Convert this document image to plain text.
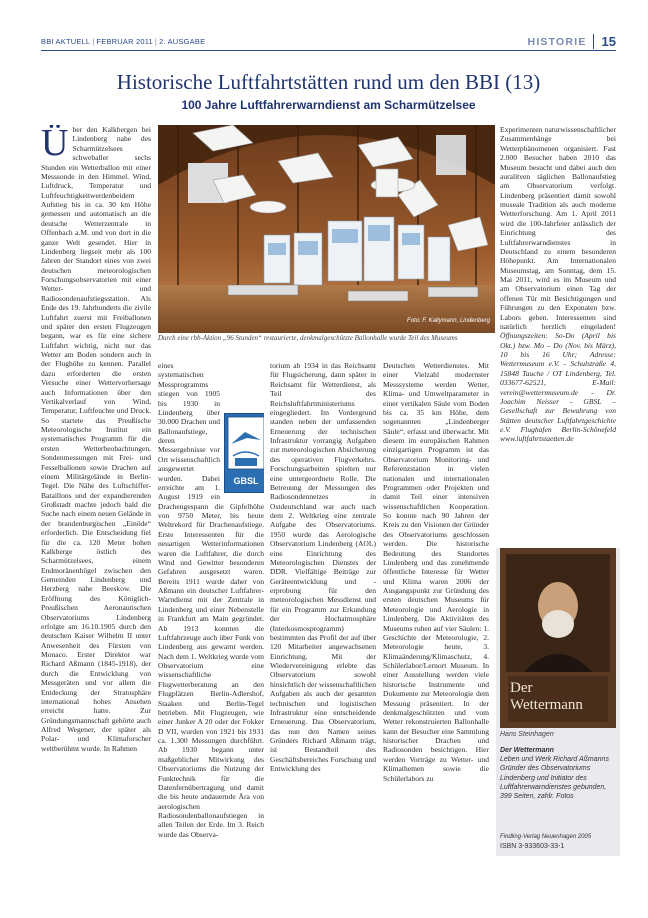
BBI AKTUELL | FEBRUAR 2011 | 2. AUSGABE	HISTORIE 15
Historische Luftfahrtstätten rund um den BBI (13)
100 Jahre Luftfahrerwarndienst am Scharmützelsee
Über den Kalkbergen bei Lindenberg nahe des Scharmützelsees schweballer sechs Stunden ein Wetterballon mit einer Messsonde in den Himmel. Wind, Luftdruck, Temperatur und Luftfeuchtigkeitwerdenbeidem Aufstieg bis in ca. 30 km Höhe gemessen und automatisch an die deutsche Wetterzentrale in Offenbach a.M. und von dort in die ganze Welt gesendet. Hier in Lindenberg liegseit mehr als 100 Jahren der Standort eines von zwei deutschen meteorologischen Forschungsobservatorien mit einer Wetter- und Radiosondenaufstiegsstation. Als Ende des 19. Jahrhunderts die zivile Luftfahrt zuerst mit Freiballonen und später den ersten Flugzeugen begann, war es für eine sichere Luftfahrt wichtig, nicht nur das Wetter am Boden sondern auch in der Flughöhe zu kennen. Parallel dazu erforderten die ersten Versuche einer Wettervorhersage auch Informationen über den Vertikalverlauf von Wind, Temperatur, Luftfeuchte und Druck. So startete das Preußische Meteorologische Institut ein systematisches Programm für die ersten Wetterbeobachtungen, Sondenmessungen mit Frei- und Fesselballonen sowie Drachen auf einem Militärgelände in Berlin-Tegel. Die Nähe des Luftschiffer-Bataillons und der expandierenden Großstadt machte jedoch bald die Suche nach einem neuen Gelände in der brandenburgischen „Einöde“ erforderlich. Die Entscheidung fiel für die ca. 120 Meter hohen Kalkberge östlich des Scharmützelsees, einem Endmoränenhügel zwischen den Gemeinden Lindenberg und Herzberg nahe Beeskow. Die Eröffnung des Königlich-Preußischen Aeronautischen Observatoriums Lindenberg erfolgte am 16.10.1905 durch den deutschen Kaiser Wilhelm II unter Anwesenheit des Fürsten von Monaco. Erster Direktor war Richard Aßmann (1845-1918), der durch die Entwicklung von Messgeräten und vor allem die Entdeckung der Stratosphäre international hohes Ansehen erreicht hatte. Zur Gründungsmannschaft gehörte auch Alfred Wegener, der später als Polar- und Klimaforscher weltberühmt wurde. In Rahmen
Foto: F. Kallymann, Lindenberg
Durch eine rbb-Aktion „96 Stunden“ restaurierte, denkmalgeschützte Ballonhalle wurde Teil des Museums
GBSL
eines systematischen Messprogramms stiegen von 1905 bis 1930 in Lindenberg über 30.000 Drachen und Ballonaufstiege, deren Messergebnisse vor Ort wissenschaftlich ausgewertet wurden. Dabei erreichte am 1. August 1919 ein Drachengespann die Gipfelhöhe von 9750 Meter, bis heute Weltrekord für Drachenaufstiege. Erste Interessenten für die neuartigen Wetterinformationen waren die Luftfahrer, die durch Wind und Gewitter besonderen Gefahren ausgesetzt waren. Bereits 1911 wurde daher von Aßmann ein deutscher Luftfahrer-Warndienst mit der Zentrale in Lindenberg und einer Nebenstelle in Frankfurt am Main gegründet. Ab 1913 konnten die Luftfahrzeuge auch über Funk von Lindenberg aus gewarnt werden. Nach dem 1. Weltkrieg wurde vom Observatorium eine wissenschaftliche Flugwetterberatung an den Flugplätzen Berlin-Adlershof, Staaken und Berlin-Tegel betrieben. Mit Flugzeugen, wie einer Junker A 20 oder der Fokker D VII, wurden von 1921 bis 1931 ca. 1.300 Messungen durchführt. Ab 1930 begann unter maßgeblicher Mitwirkung des Observatoriums die Nutzung der Funktechnik für die Datenfernübertragung und damit die bis heute andauernde Ära von aerologischen Radiosondenballonaufstiegen in allen Teilen der Erde. Im 3. Reich wurde das Observa-
torium ab 1934 in das Reichsamt für Flugsicherung, dann später in Reichsamt für Wetterdienst, als Teil des Reichsluftfahrtministeriums eingegliedert. Im Vordergrund standen neben der umfassenden Erneuerung der technischen Infrastruktur vorrangig Aufgaben zur meteorologischen Absicherung des operativen Flugverkehrs. Forschungsarbeiten spielten nur eine untergeordnete Rolle. Die Betreuung der Messungen des Radiosondennetzes in Ostdeutschland war auch nach dem 2. Weltkrieg eine zentrale Aufgabe des Observatoriums. 1950 wurde das Aerologische Observatorium Lindenberg (AOL) eine Einrichtung des Meteorologischen Dienstes der DDR. Vielfältige Beiträge zur Geräteentwicklung und -erprobung für den meteorologischen Messdienst und für ein Programm zur Erkundung der Hochatmosphäre (Interkosmosprogramm) bestimmten das Profil der auf über 120 Mitarbeiter angewachsenen Einrichtung. Mit der Wiedervereinigung erlebte das Observatorium sowohl hinsichtlich der wissenschaftlichen Aufgaben als auch der gesamten technischen und logistischen Infrastruktur eine entscheidende Erneuerung. Das Observatorium, das nun den Namen seines Gründers Richard Aßmann trägt, ist Bestandteil des Geschäftsbereiches Forschung und Entwicklung des
Deutschen Wetterdienstes. Mit einer Vielzahl modernster Messsysteme werden Wetter, Klima- und Umweltparameter in einer vertikalen Säule vom Boden bis ca. 35 km Höhe, dem sogenannten „Lindenberger Säule“, erfasst und überwacht. Mit diesem im europäischen Rahmen einzigartigen Programm ist das Observatorium Monitoring- und Referenzstation in vielen nationalen und internationalen Programmen oder Projekten und damit Teil einer intensiven wissenschaftlichen Kooperation. So konnte nach 90 Jahren der Kreis zu den Visionen der Gründer des Observatoriums geschlossen werden. Die historische Bedeutung des Standortes Lindenberg und das zunehmende öffentliche Interesse für Wetter und Klima waren 2006 der Ausgangspunkt zur Gründung des ersten deutschen Museums für Meteorologie und Aerologie in Lindenberg. Die Aktivitäten des Museums ruhen auf vier Säulen: 1. Geschichte der Meteorologie, 2. Meteorologie heute, 3. Klimaänderung/Klimaschutz, 4. Schülerlabor/Lernort Museum. In einer Ausstellung werden viele historische Instrumente und Dokumente zur Meteorologie dem Messung präsentiert. In der denkmalgeschützten und vom Wetter rekonstruierten Ballonhalle kann der Besucher eine Sammlung historischer Drachen und Radiosonden besichtigen. Hier werden Vorträge zu Wetter- und Klimathemen sowie die Schülerlabors zu
Experimenten naturwissenschaftlicher Zusammenhänge bei Wetterphänomenen organisiert. Fast 2.000 Besucher haben 2010 das Museum besucht und dabei auch den auralitven täglichen Ballonaufstieg am Observatorium verfolgt. Lindenberg präsentiert damit sowohl museale Tradition als auch moderne Wetterforschung. Am 1. April 2011 wird die 100-Jahrfeier anlässlich der Einrichtung des Luftfahrerwarndienstes in Deutschland zu einem besonderen Höhepunkt. Am Internationalen Museumstag, am Sonntag, dem 15. Mai 2011, wird es im Museum und am Observatorium einen Tag der offenen Tür mit Besichtigungen und Führungen zu den Exponaten bzw. Labors geben. Interessenten sind natürlich herzlich eingeladen! Öffnungszeiten: So-Do (April bis Okt.) bzw. Mo – Do (Nov. bis März), 10 bis 16 Uhr; Adresse: Wettermuseum e.V. - Schulstraße 4, 15848 Tauche / OT Lindenberg, Tel. 033677-62521, E-Mail: verein@wettermuseum.de - Dr. Joachim Neisser - GBSL – Gesellschaft zur Bewahrung von Stätten deutscher Luftfahrtgeschichte e.V. Flughafen Berlin-Schönefeld www.luftfahrtstaetten.de
Der Wettermann
Hans Steinhagen
Der Wettermann
Leben und Werk Richard Aßmanns Gründer des Observatoriums Lindenberg und Initiator des Luftfahrerwarndienstes gebunden, 399 Seiten, zahlr. Fotos
Findling-Verlag Neuenhagen 2005
ISBN 3-933603-33-1
